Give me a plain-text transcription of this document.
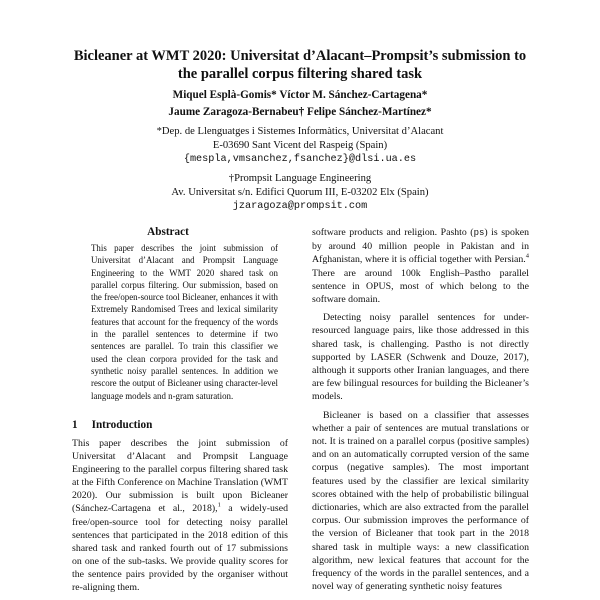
Bicleaner at WMT 2020: Universitat d’Alacant–Prompsit’s submission to
the parallel corpus filtering shared task
Miquel Esplà-Gomis* Víctor M. Sánchez-Cartagena*
Jaume Zaragoza-Bernabeu† Felipe Sánchez-Martínez*
*Dep. de Llenguatges i Sistemes Informàtics, Universitat d’Alacant
E-03690 Sant Vicent del Raspeig (Spain)
{mespla,vmsanchez,fsanchez}@dlsi.ua.es
†Prompsit Language Engineering
Av. Universitat s/n. Edifici Quorum III, E-03202 Elx (Spain)
jzaragoza@prompsit.com
Abstract
This paper describes the joint submission of Universitat d’Alacant and Prompsit Language Engineering to the WMT 2020 shared task on parallel corpus filtering. Our submission, based on the free/open-source tool Bicleaner, enhances it with Extremely Randomised Trees and lexical similarity features that account for the frequency of the words in the parallel sentences to determine if two sentences are parallel. To train this classifier we used the clean corpora provided for the task and synthetic noisy parallel sentences. In addition we rescore the output of Bicleaner using character-level language models and n-gram saturation.
1 Introduction

This paper describes the joint submission of Universitat d’Alacant and Prompsit Language Engineering to the parallel corpus filtering shared task at the Fifth Conference on Machine Translation (WMT 2020). Our submission is built upon Bicleaner (Sánchez-Cartagena et al., 2018),$^1$ a widely-used free/open-source tool for detecting noisy parallel sentences that participated in the 2018 edition of this shared task and ranked fourth out of 17 submissions on one of the sub-tasks. We provide quality scores for the sentence pairs provided by the organiser without re-aligning them.

software products and religion. Pashto (ps) is spoken by around 40 million people in Pakistan and in Afghanistan, where it is official together with Persian.$^4$ There are around 100k English–Pastho parallel sentence in OPUS, most of which belong to the software domain.

Detecting noisy parallel sentences for under-resourced language pairs, like those addressed in this shared task, is challenging. Pastho is not directly supported by LASER (Schwenk and Douze, 2017), although it supports other Iranian languages, and there are few bilingual resources for building the Bicleaner’s models.

Bicleaner is based on a classifier that assesses whether a pair of sentences are mutual translations or not. It is trained on a parallel corpus (positive samples) and on an automatically corrupted version of the same corpus (negative samples). The most important features used by the classifier are lexical similarity scores obtained with the help of probabilistic bilingual dictionaries, which are also extracted from the parallel corpus. Our submission improves the performance of the version of Bicleaner that took part in the 2018 shared task in multiple ways: a new classification algorithm, new lexical features that account for the frequency of the words in the parallel sentences, and a novel way of generating synthetic noisy features
